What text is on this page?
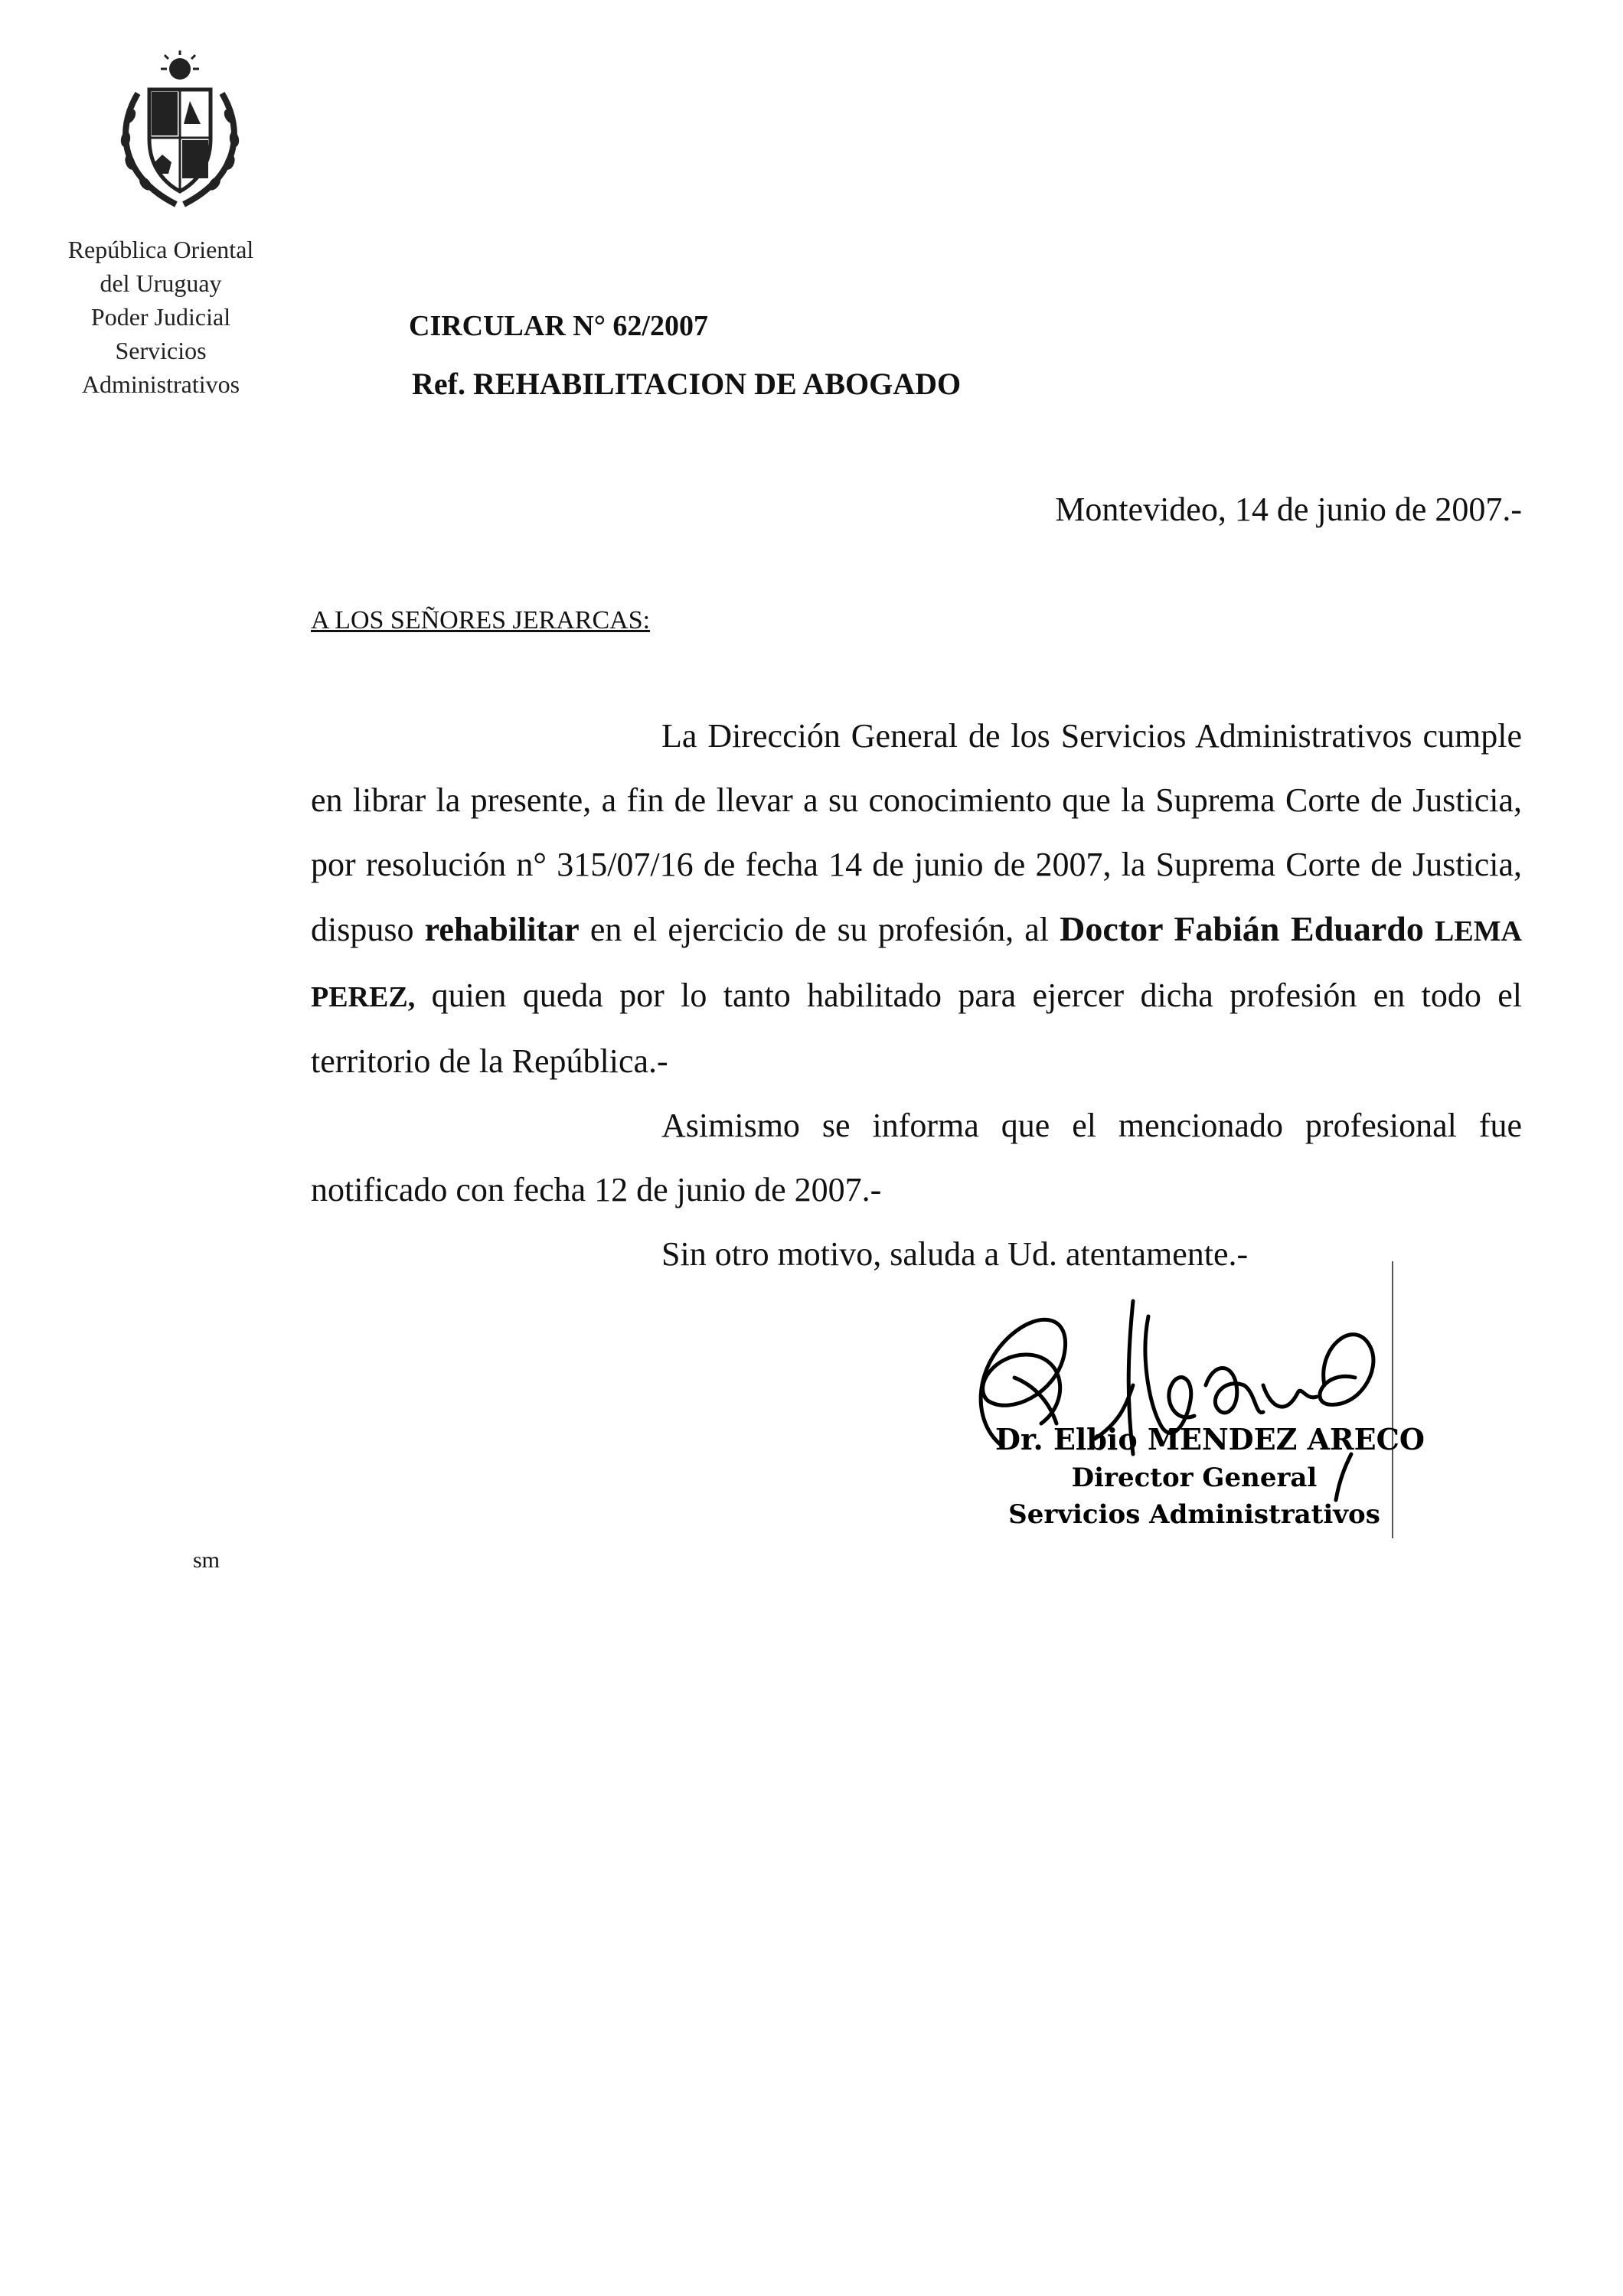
República Oriental
del Uruguay
Poder Judicial
Servicios
Administrativos
CIRCULAR N° 62/2007
Ref. REHABILITACION DE ABOGADO
Montevideo, 14 de junio de 2007.-
A LOS SEÑORES JERARCAS:

La Dirección General de los Servicios Administrativos cumple en librar la presente, a fin de llevar a su conocimiento que la Suprema Corte de Justicia, por resolución n° 315/07/16 de fecha 14 de junio de 2007, la Suprema Corte de Justicia, dispuso rehabilitar en el ejercicio de su profesión, al Doctor Fabián Eduardo LEMA PEREZ, quien queda por lo tanto habilitado para ejercer dicha profesión en todo el territorio de la República.-

Asimismo se informa que el mencionado profesional fue notificado con fecha 12 de junio de 2007.-

Sin otro motivo, saluda a Ud. atentamente.-

Dr. Elbio MENDEZ ARECO
Director General
Servicios Administrativos
sm
